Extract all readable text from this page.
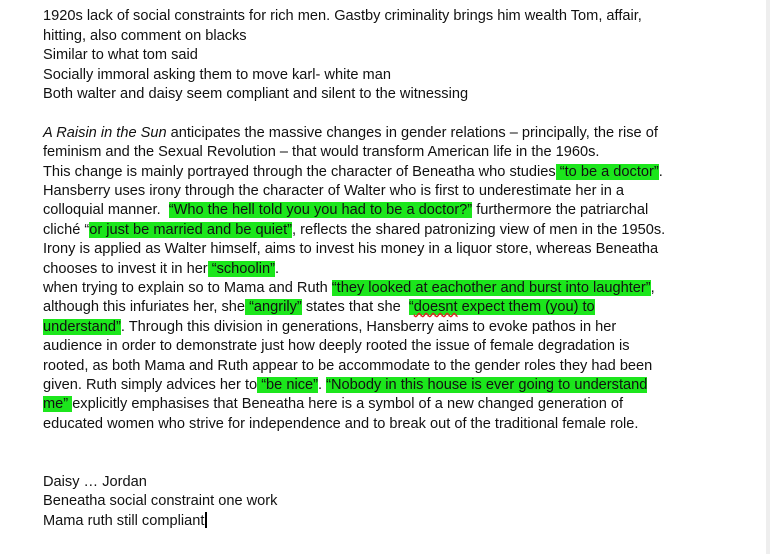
1920s lack of social constraints for rich men. Gastby criminality brings him wealth Tom, affair,
hitting, also comment on blacks
Similar to what tom said
Socially immoral asking them to move karl- white man
Both walter and daisy seem compliant and silent to the witnessing
A Raisin in the Sun anticipates the massive changes in gender relations – principally, the rise of
feminism and the Sexual Revolution – that would transform American life in the 1960s.
This change is mainly portrayed through the character of Beneatha who studies “to be a doctor”.
Hansberry uses irony through the character of Walter who is first to underestimate her in a
colloquial manner.  “Who the hell told you you had to be a doctor?” furthermore the patriarchal
cliché “or just be married and be quiet”, reflects the shared patronizing view of men in the 1950s.
Irony is applied as Walter himself, aims to invest his money in a liquor store, whereas Beneatha
chooses to invest it in her “schoolin”.
when trying to explain so to Mama and Ruth “they looked at eachother and burst into laughter”,
although this infuriates her, she “angrily” states that she  “doesnt expect them (you) to
understand”. Through this division in generations, Hansberry aims to evoke pathos in her
audience in order to demonstrate just how deeply rooted the issue of female degradation is
rooted, as both Mama and Ruth appear to be accommodate to the gender roles they had been
given. Ruth simply advices her to “be nice”. “Nobody in this house is ever going to understand
me” explicitly emphasises that Beneatha here is a symbol of a new changed generation of
educated women who strive for independence and to break out of the traditional female role.
Daisy … Jordan
Beneatha social constraint one work
Mama ruth still compliant
